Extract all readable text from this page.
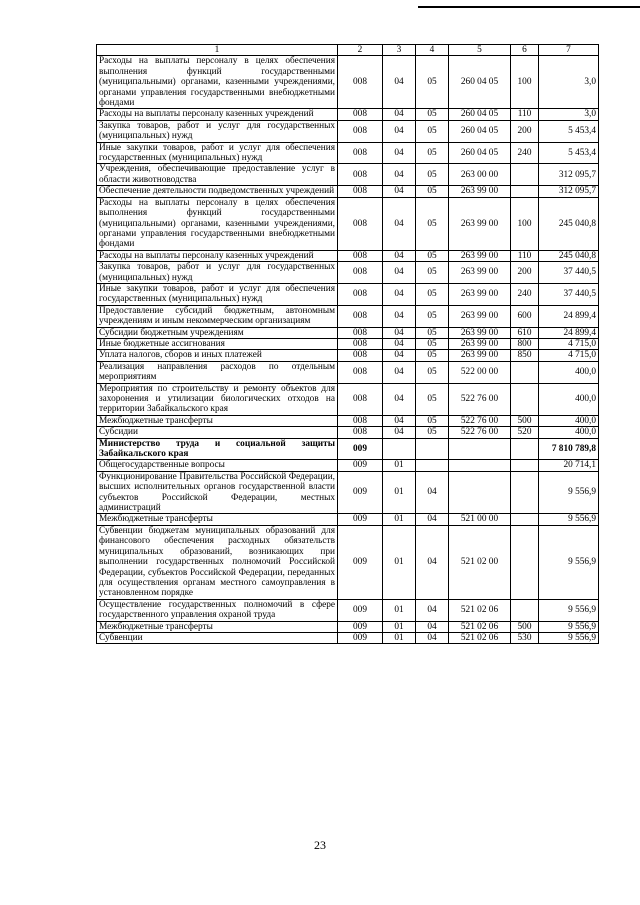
1	2	3	4	5	6	7
Расходы на выплаты персоналу в целях обеспечения выполнения функций государственными (муниципальными) органами, казенными учреждениями, органами управления государственными внебюджетными фондами	008	04	05	260 04 05	100	3,0
Расходы на выплаты персоналу казенных учреждений	008	04	05	260 04 05	110	3,0
Закупка товаров, работ и услуг для государственных (муниципальных) нужд	008	04	05	260 04 05	200	5 453,4
Иные закупки товаров, работ и услуг для обеспечения государственных (муниципальных) нужд	008	04	05	260 04 05	240	5 453,4
Учреждения, обеспечивающие предоставление услуг в области животноводства	008	04	05	263 00 00		312 095,7
Обеспечение деятельности подведомственных учреждений	008	04	05	263 99 00		312 095,7
Расходы на выплаты персоналу в целях обеспечения выполнения функций государственными (муниципальными) органами, казенными учреждениями, органами управления государственными внебюджетными фондами	008	04	05	263 99 00	100	245 040,8
Расходы на выплаты персоналу казенных учреждений	008	04	05	263 99 00	110	245 040,8
Закупка товаров, работ и услуг для государственных (муниципальных) нужд	008	04	05	263 99 00	200	37 440,5
Иные закупки товаров, работ и услуг для обеспечения государственных (муниципальных) нужд	008	04	05	263 99 00	240	37 440,5
Предоставление субсидий бюджетным, автономным учреждениям и иным некоммерческим организациям	008	04	05	263 99 00	600	24 899,4
Субсидии бюджетным учреждениям	008	04	05	263 99 00	610	24 899,4
Иные бюджетные ассигнования	008	04	05	263 99 00	800	4 715,0
Уплата налогов, сборов и иных платежей	008	04	05	263 99 00	850	4 715,0
Реализация направления расходов по отдельным мероприятиям	008	04	05	522 00 00		400,0
Мероприятия по строительству и ремонту объектов для захоронения и утилизации биологических отходов на территории Забайкальского края	008	04	05	522 76 00		400,0
Межбюджетные трансферты	008	04	05	522 76 00	500	400,0
Субсидии	008	04	05	522 76 00	520	400,0
Министерство труда и социальной защиты Забайкальского края	009					7 810 789,8
Общегосударственные вопросы	009	01				20 714,1
Функционирование Правительства Российской Федерации, высших исполнительных органов государственной власти субъектов Российской Федерации, местных администраций	009	01	04			9 556,9
Межбюджетные трансферты	009	01	04	521 00 00		9 556,9
Субвенции бюджетам муниципальных образований для финансового обеспечения расходных обязательств муниципальных образований, возникающих при выполнении государственных полномочий Российской Федерации, субъектов Российской Федерации, переданных для осуществления органам местного самоуправления в установленном порядке	009	01	04	521 02 00		9 556,9
Осуществление государственных полномочий в сфере государственного управления охраной труда	009	01	04	521 02 06		9 556,9
Межбюджетные трансферты	009	01	04	521 02 06	500	9 556,9
Субвенции	009	01	04	521 02 06	530	9 556,9
23
